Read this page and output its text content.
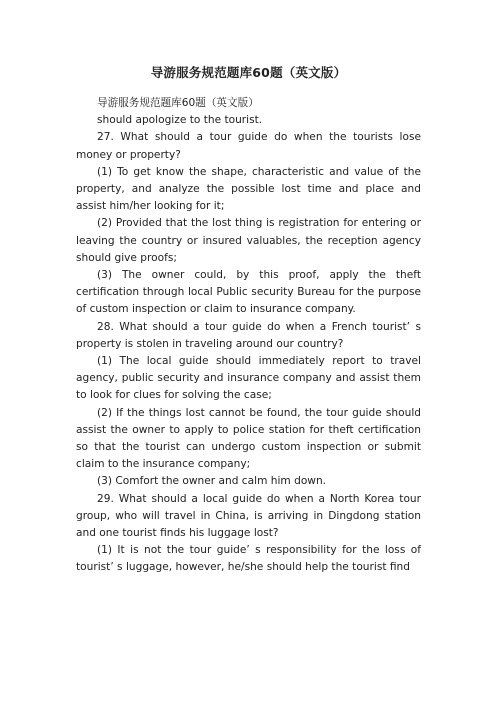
导游服务规范题库60题（英文版）

导游服务规范题库60题（英文版）

should apologize to the tourist.

27. What should a tour guide do when the tourists lose money or property?

(1) To get know the shape, characteristic and value of the property, and analyze the possible lost time and place and assist him/her looking for it;

(2) Provided that the lost thing is registration for entering or leaving the country or insured valuables, the reception agency should give proofs;

(3) The owner could, by this proof, apply the theft certification through local Public security Bureau for the purpose of custom inspection or claim to insurance company.

28. What should a tour guide do when a French tourist’ s property is stolen in traveling around our country?

(1) The local guide should immediately report to travel agency, public security and insurance company and assist them to look for clues for solving the case;

(2) If the things lost cannot be found, the tour guide should assist the owner to apply to police station for theft certification so that the tourist can undergo custom inspection or submit claim to the insurance company;

(3) Comfort the owner and calm him down.

29. What should a local guide do when a North Korea tour group, who will travel in China, is arriving in Dingdong station and one tourist finds his luggage lost?

(1) It is not the tour guide’ s responsibility for the loss of tourist’ s luggage, however, he/she should help the tourist find
